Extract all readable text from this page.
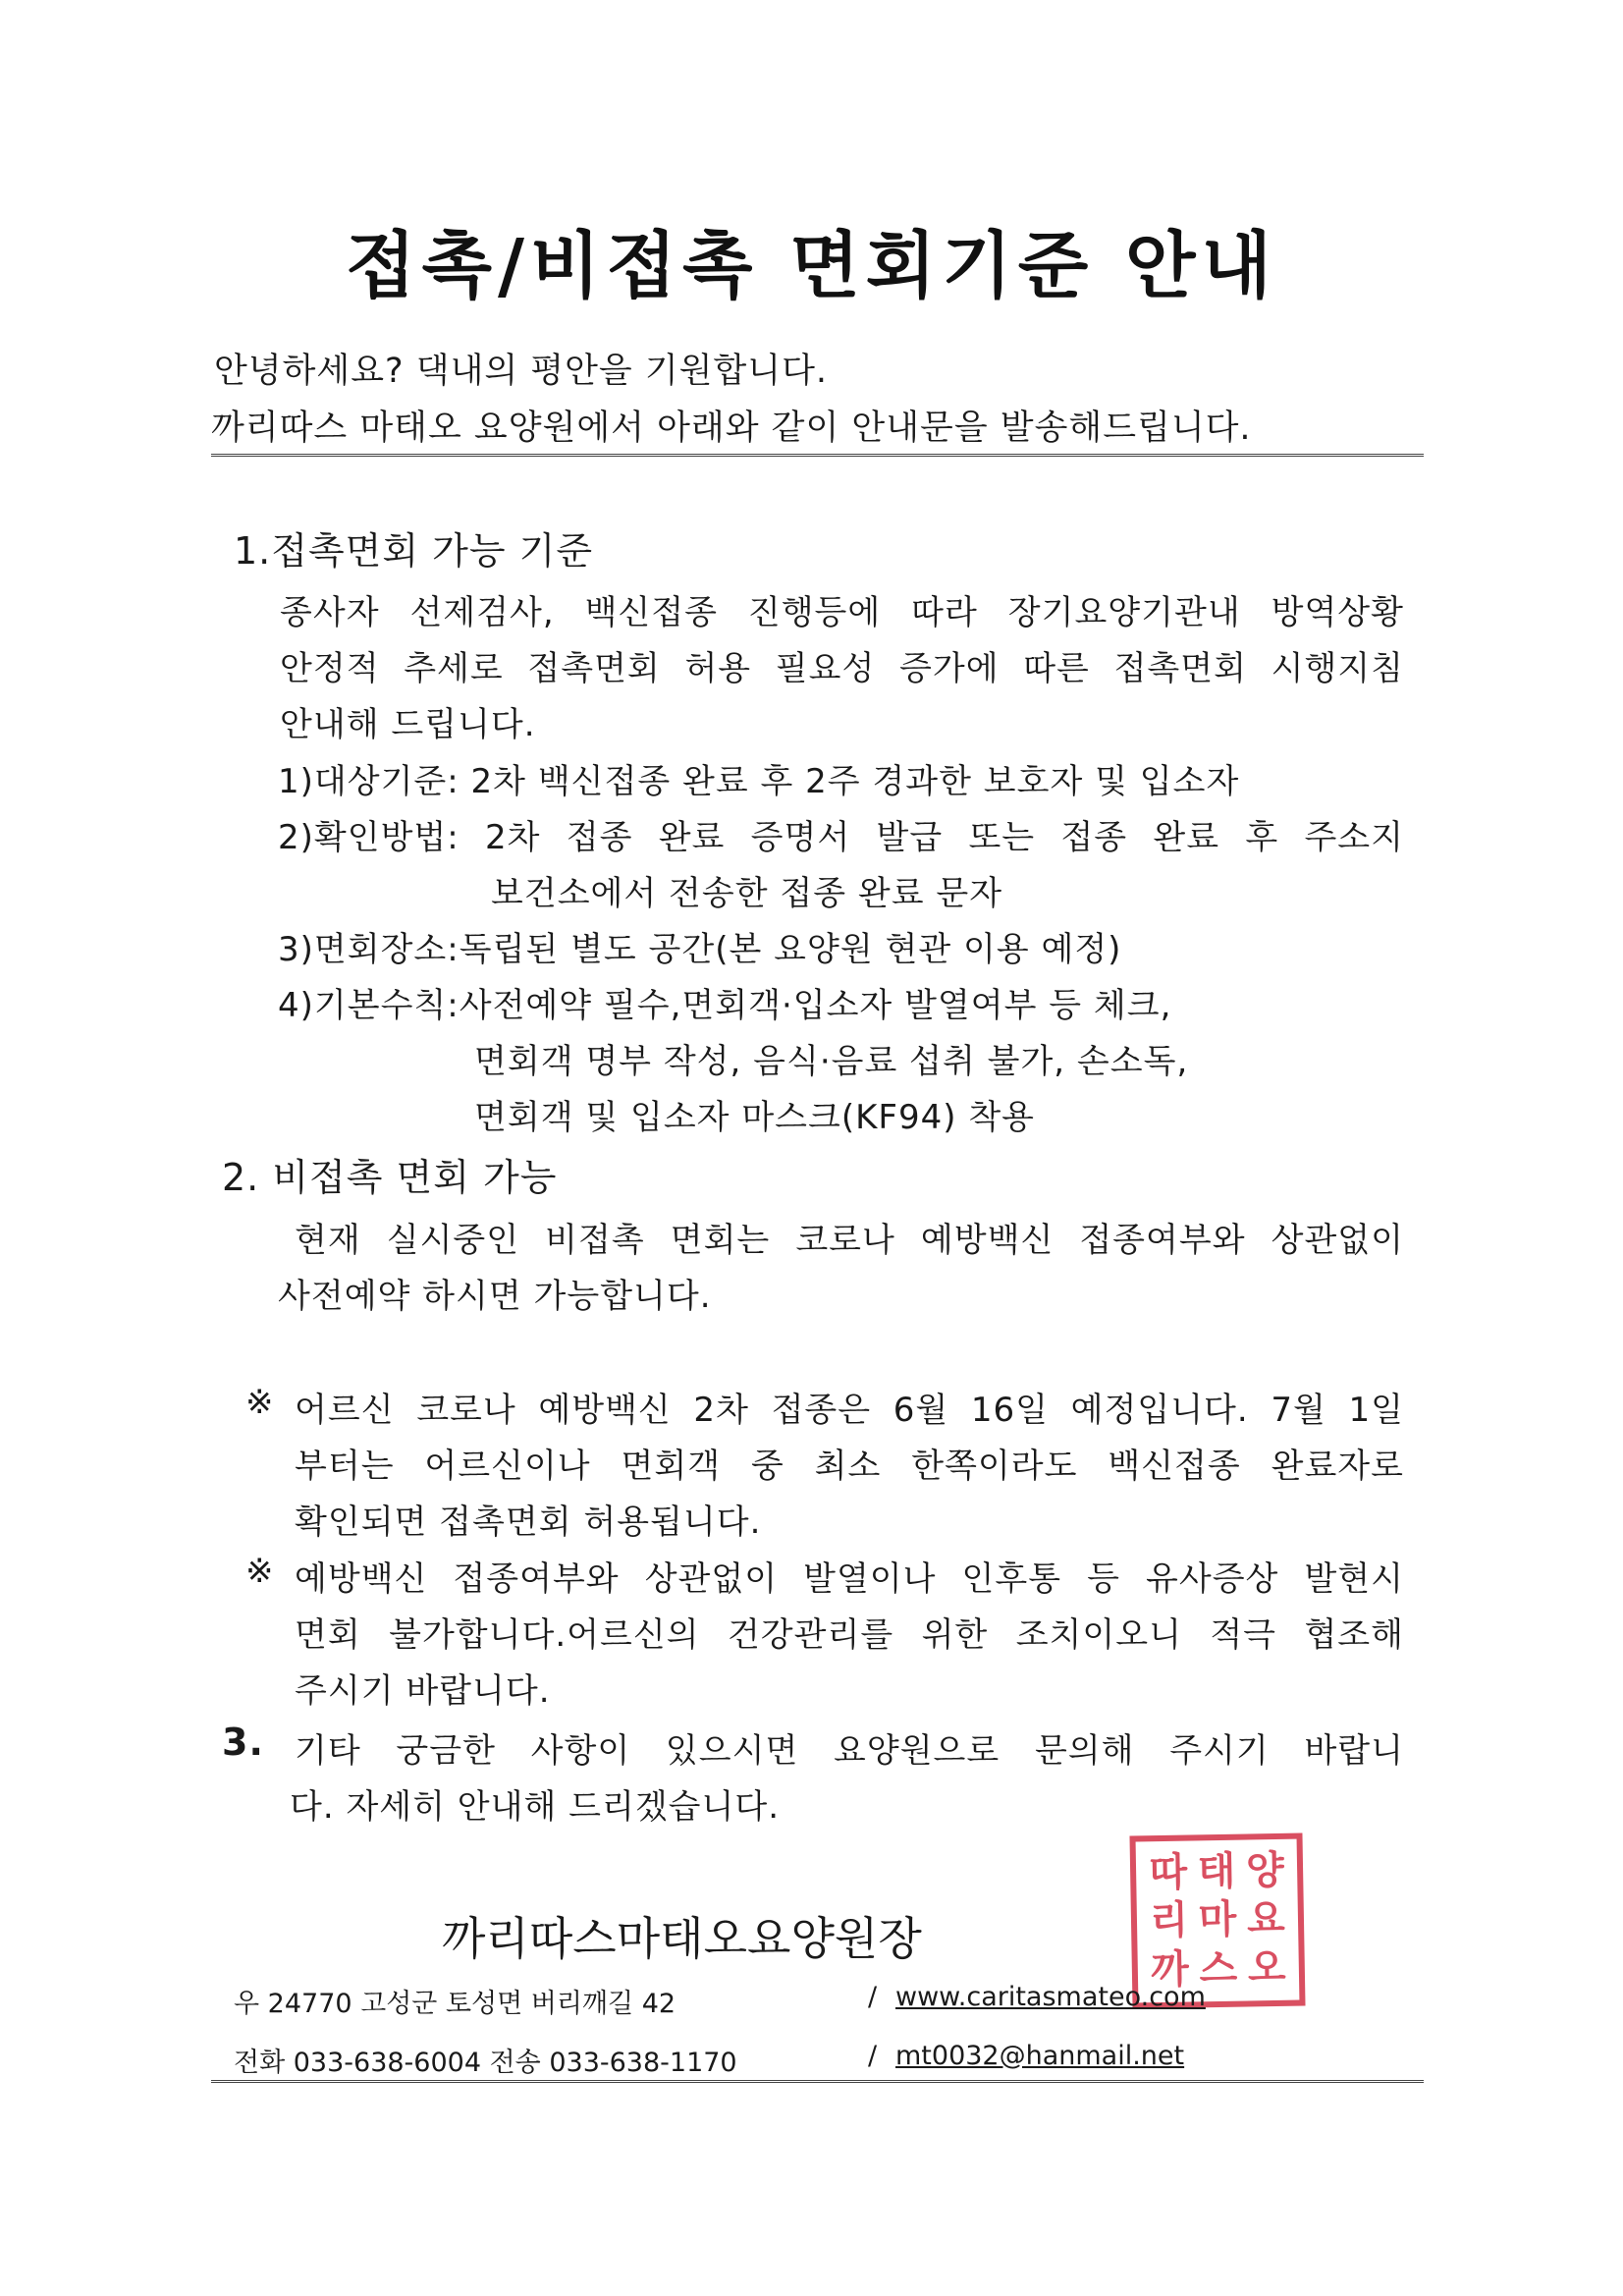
접촉/비접촉 면회기준 안내
안녕하세요? 댁내의 평안을 기원합니다.
까리따스 마태오 요양원에서 아래와 같이 안내문을 발송해드립니다.
1.접촉면회 가능 기준
종사자 선제검사, 백신접종 진행등에 따라 장기요양기관내 방역상황
안정적 추세로 접촉면회 허용 필요성 증가에 따른 접촉면회 시행지침
안내해 드립니다.
1)대상기준: 2차 백신접종 완료 후 2주 경과한 보호자 및 입소자
2)확인방법: 2차 접종 완료 증명서 발급 또는 접종 완료 후 주소지
보건소에서 전송한 접종 완료 문자
3)면회장소:독립된 별도 공간(본 요양원 현관 이용 예정)
4)기본수칙:사전예약 필수,면회객·입소자 발열여부 등 체크,
면회객 명부 작성, 음식·음료 섭취 불가, 손소독,
면회객 및 입소자 마스크(KF94) 착용
2. 비접촉 면회 가능
현재 실시중인 비접촉 면회는 코로나 예방백신 접종여부와 상관없이
사전예약 하시면 가능합니다.
※ 어르신 코로나 예방백신 2차 접종은 6월 16일 예정입니다. 7월 1일
부터는 어르신이나 면회객 중 최소 한쪽이라도 백신접종 완료자로
확인되면 접촉면회 허용됩니다.
※ 예방백신 접종여부와 상관없이 발열이나 인후통 등 유사증상 발현시
면회 불가합니다.어르신의 건강관리를 위한 조치이오니 적극 협조해
주시기 바랍니다.
3. 기타 궁금한 사항이 있으시면 요양원으로 문의해 주시기 바랍니
다. 자세히 안내해 드리겠습니다.
까리따스마태오요양원장
따 태 양
리 마 요
까 스 오
우 24770 고성군 토성면 버리깨길 42	/ www.caritasmateo.com
전화 033-638-6004 전송 033-638-1170	/ mt0032@hanmail.net
